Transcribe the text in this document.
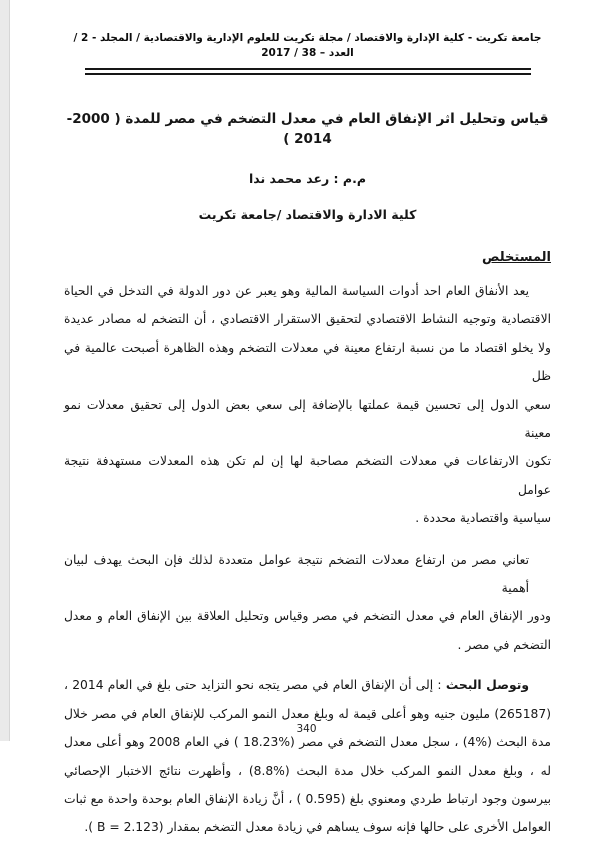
جامعة تكريت - كلية الإدارة والاقتصاد / مجلة تكريت للعلوم الإدارية والاقتصادية / المجلد - 2 / العدد – 38 / 2017
قياس وتحليل اثر الإنفاق العام في معدل التضخم في مصر للمدة ( 2000-2014 )
م.م : رعد محمد ندا
كلية الادارة والاقتصاد /جامعة تكريت
المستخلص
يعد الأنفاق العام احد أدوات السياسة المالية وهو يعبر عن دور الدولة في التدخل في الحياة
الاقتصادية وتوجيه النشاط الاقتصادي لتحقيق الاستقرار الاقتصادي ، أن التضخم له مصادر عديدة
ولا يخلو اقتصاد ما من نسبة ارتفاع معينة في معدلات التضخم وهذه الظاهرة أصبحت عالمية في ظل
سعي الدول إلى تحسين قيمة عملتها بالإضافة إلى سعي بعض الدول إلى تحقيق معدلات نمو معينة
تكون الارتفاعات في معدلات التضخم مصاحبة لها إن لم تكن هذه المعدلات مستهدفة نتيجة عوامل
سياسية واقتصادية محددة .
تعاني مصر من ارتفاع معدلات التضخم نتيجة عوامل متعددة لذلك فإن البحث يهدف لبيان أهمية
ودور الإنفاق العام في معدل التضخم في مصر وقياس وتحليل العلاقة بين الإنفاق العام و معدل
التضخم في مصر .
وتوصل البحث : إلى أن الإنفاق العام في مصر يتجه نحو التزايد حتى بلغ في العام 2014 ،
(265187) مليون جنيه وهو أعلى قيمة له وبلغ معدل النمو المركب للإنفاق العام في مصر خلال
مدة البحث (‎4%) ، سجل معدل التضخم في مصر (‎ 18.23%) في العام 2008 وهو أعلى معدل
له ، وبلغ معدل النمو المركب خلال مدة البحث (‎8.8%) ، وأظهرت نتائج الاختبار الإحصائي
بيرسون وجود ارتباط طردي ومعنوي بلغ (‎ 0.595) ، أنَّ زيادة الإنفاق العام بوحدة واحدة مع ثبات
العوامل الأخرى على حالها فإنه سوف يساهم في زيادة معدل التضخم بمقدار (B = 2.123 ).
340
